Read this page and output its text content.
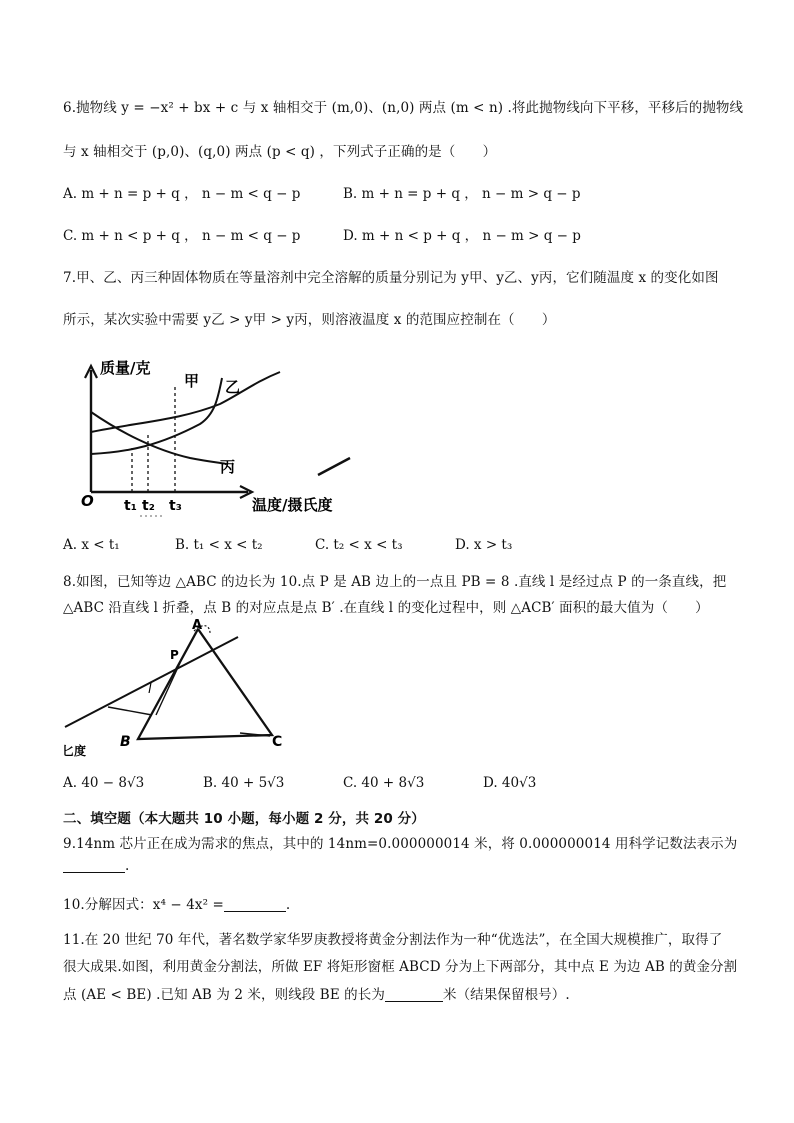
6.抛物线 y = −x² + bx + c 与 x 轴相交于 (m,0)、(n,0) 两点 (m < n) .将此抛物线向下平移，平移后的抛物线
与 x 轴相交于 (p,0)、(q,0) 两点 (p < q) ，下列式子正确的是（　　）
A. m + n = p + q ， n − m < q − p	B. m + n = p + q ， n − m > q − p
C. m + n < p + q ， n − m < q − p	D. m + n < p + q ， n − m > q − p
7.甲、乙、丙三种固体物质在等量溶剂中完全溶解的质量分别记为 y甲、y乙、y丙，它们随温度 x 的变化如图
所示，某次实验中需要 y乙 > y甲 > y丙，则溶液温度 x 的范围应控制在（　　）
质量/克
甲 乙
丙
O t₁ t₂ t₃	温度/摄氏度
A. x < t₁	B. t₁ < x < t₂	C. t₂ < x < t₃	D. x > t₃
8.如图，已知等边 △ABC 的边长为 10.点 P 是 AB 边上的一点且 PB = 8 .直线 l 是经过点 P 的一条直线，把
△ABC 沿直线 l 折叠，点 B 的对应点是点 B′ .在直线 l 的变化过程中，则 △ACB′ 面积的最大值为（　　）
A
P
l
B	C
匕度
A. 40 − 8√3	B. 40 + 5√3	C. 40 + 8√3	D. 40√3
二、填空题（本大题共 10 小题，每小题 2 分，共 20 分）
9.14nm 芯片正在成为需求的焦点，其中的 14nm=0.000000014 米，将 0.000000014 用科学记数法表示为
.
10.分解因式：x⁴ − 4x² =	.
11.在 20 世纪 70 年代，著名数学家华罗庚教授将黄金分割法作为一种“优选法”，在全国大规模推广，取得了
很大成果.如图，利用黄金分割法，所做 EF 将矩形窗框 ABCD 分为上下两部分，其中点 E 为边 AB 的黄金分割
点 (AE < BE) .已知 AB 为 2 米，则线段 BE 的长为	米（结果保留根号）.
